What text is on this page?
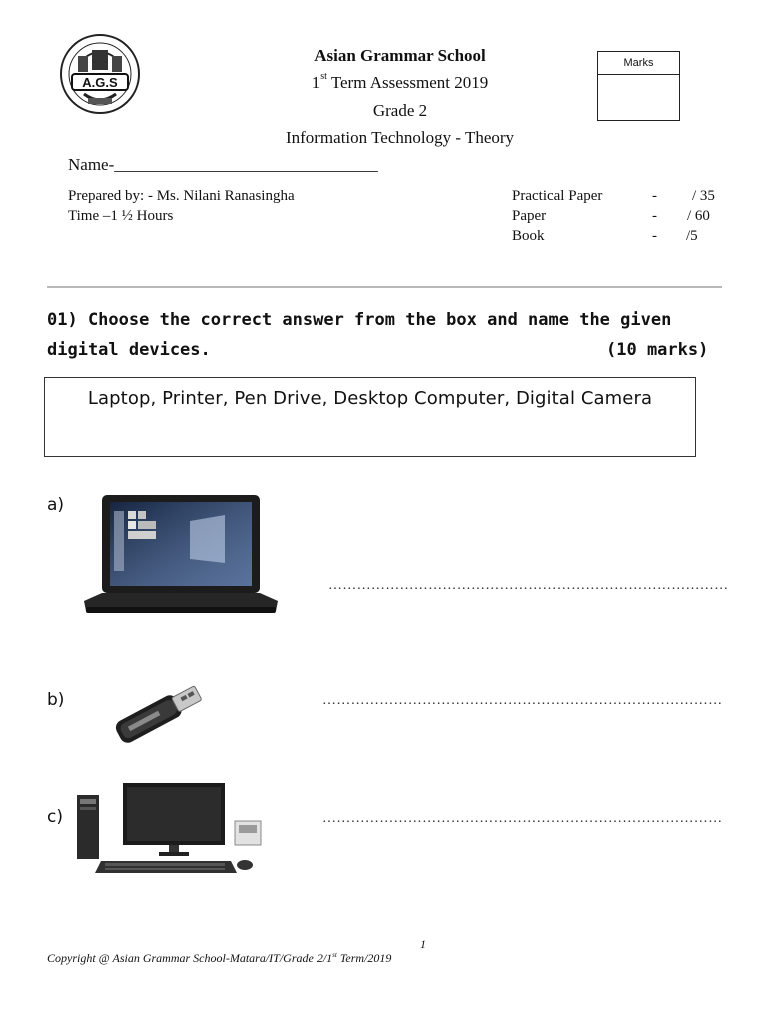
A.G.S
Asian Grammar School
1st Term Assessment 2019
Grade 2
Information Technology - Theory
Marks
Name-_______________________________
Prepared by: - Ms. Nilani Ranasingha
Time –1 ½ Hours
Practical Paper	- / 35
Paper	- / 60
Book	- /5
01) Choose the correct answer from the box and name the given
digital devices.	(10 marks)
Laptop, Printer, Pen Drive, Desktop Computer, Digital Camera
a)
b)
c)
…………………………………………………………………………
…………………………………………………………………………
…………………………………………………………………………
1
Copyright @ Asian Grammar School-Matara/IT/Grade 2/1st Term/2019
